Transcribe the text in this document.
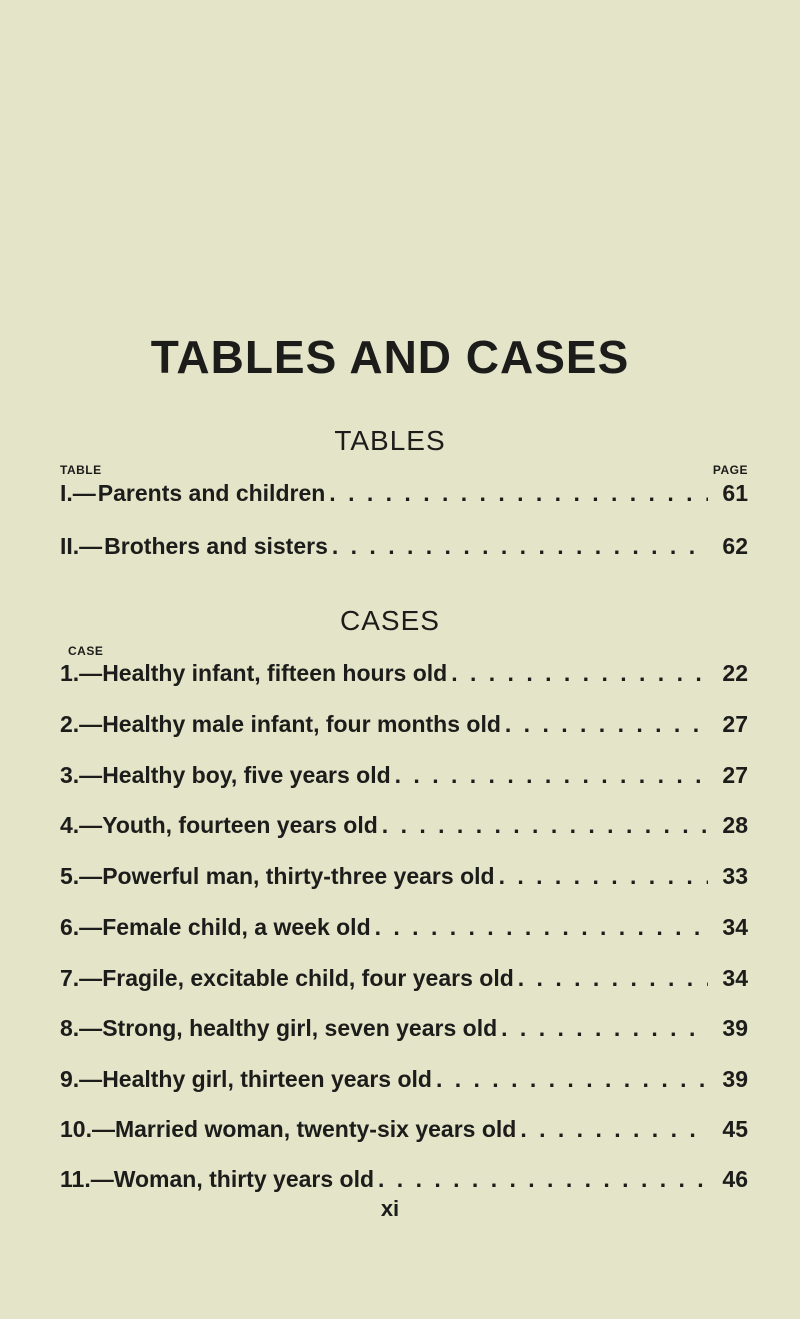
TABLES AND CASES
TABLES
TABLE	PAGE
I.— Parents and children . . .	61
II.— Brothers and sisters . . .	62
CASES
CASE
1.— Healthy infant, fifteen hours old . . .	22
2.— Healthy male infant, four months old . . .	27
3.— Healthy boy, five years old . . .	27
4.— Youth, fourteen years old . . .	28
5.— Powerful man, thirty-three years old . . .	33
6.— Female child, a week old . . .	34
7.— Fragile, excitable child, four years old . . .	34
8.— Strong, healthy girl, seven years old . . .	39
9.— Healthy girl, thirteen years old . . .	39
10.— Married woman, twenty-six years old . . .	45
11.— Woman, thirty years old . . .	46
xi
